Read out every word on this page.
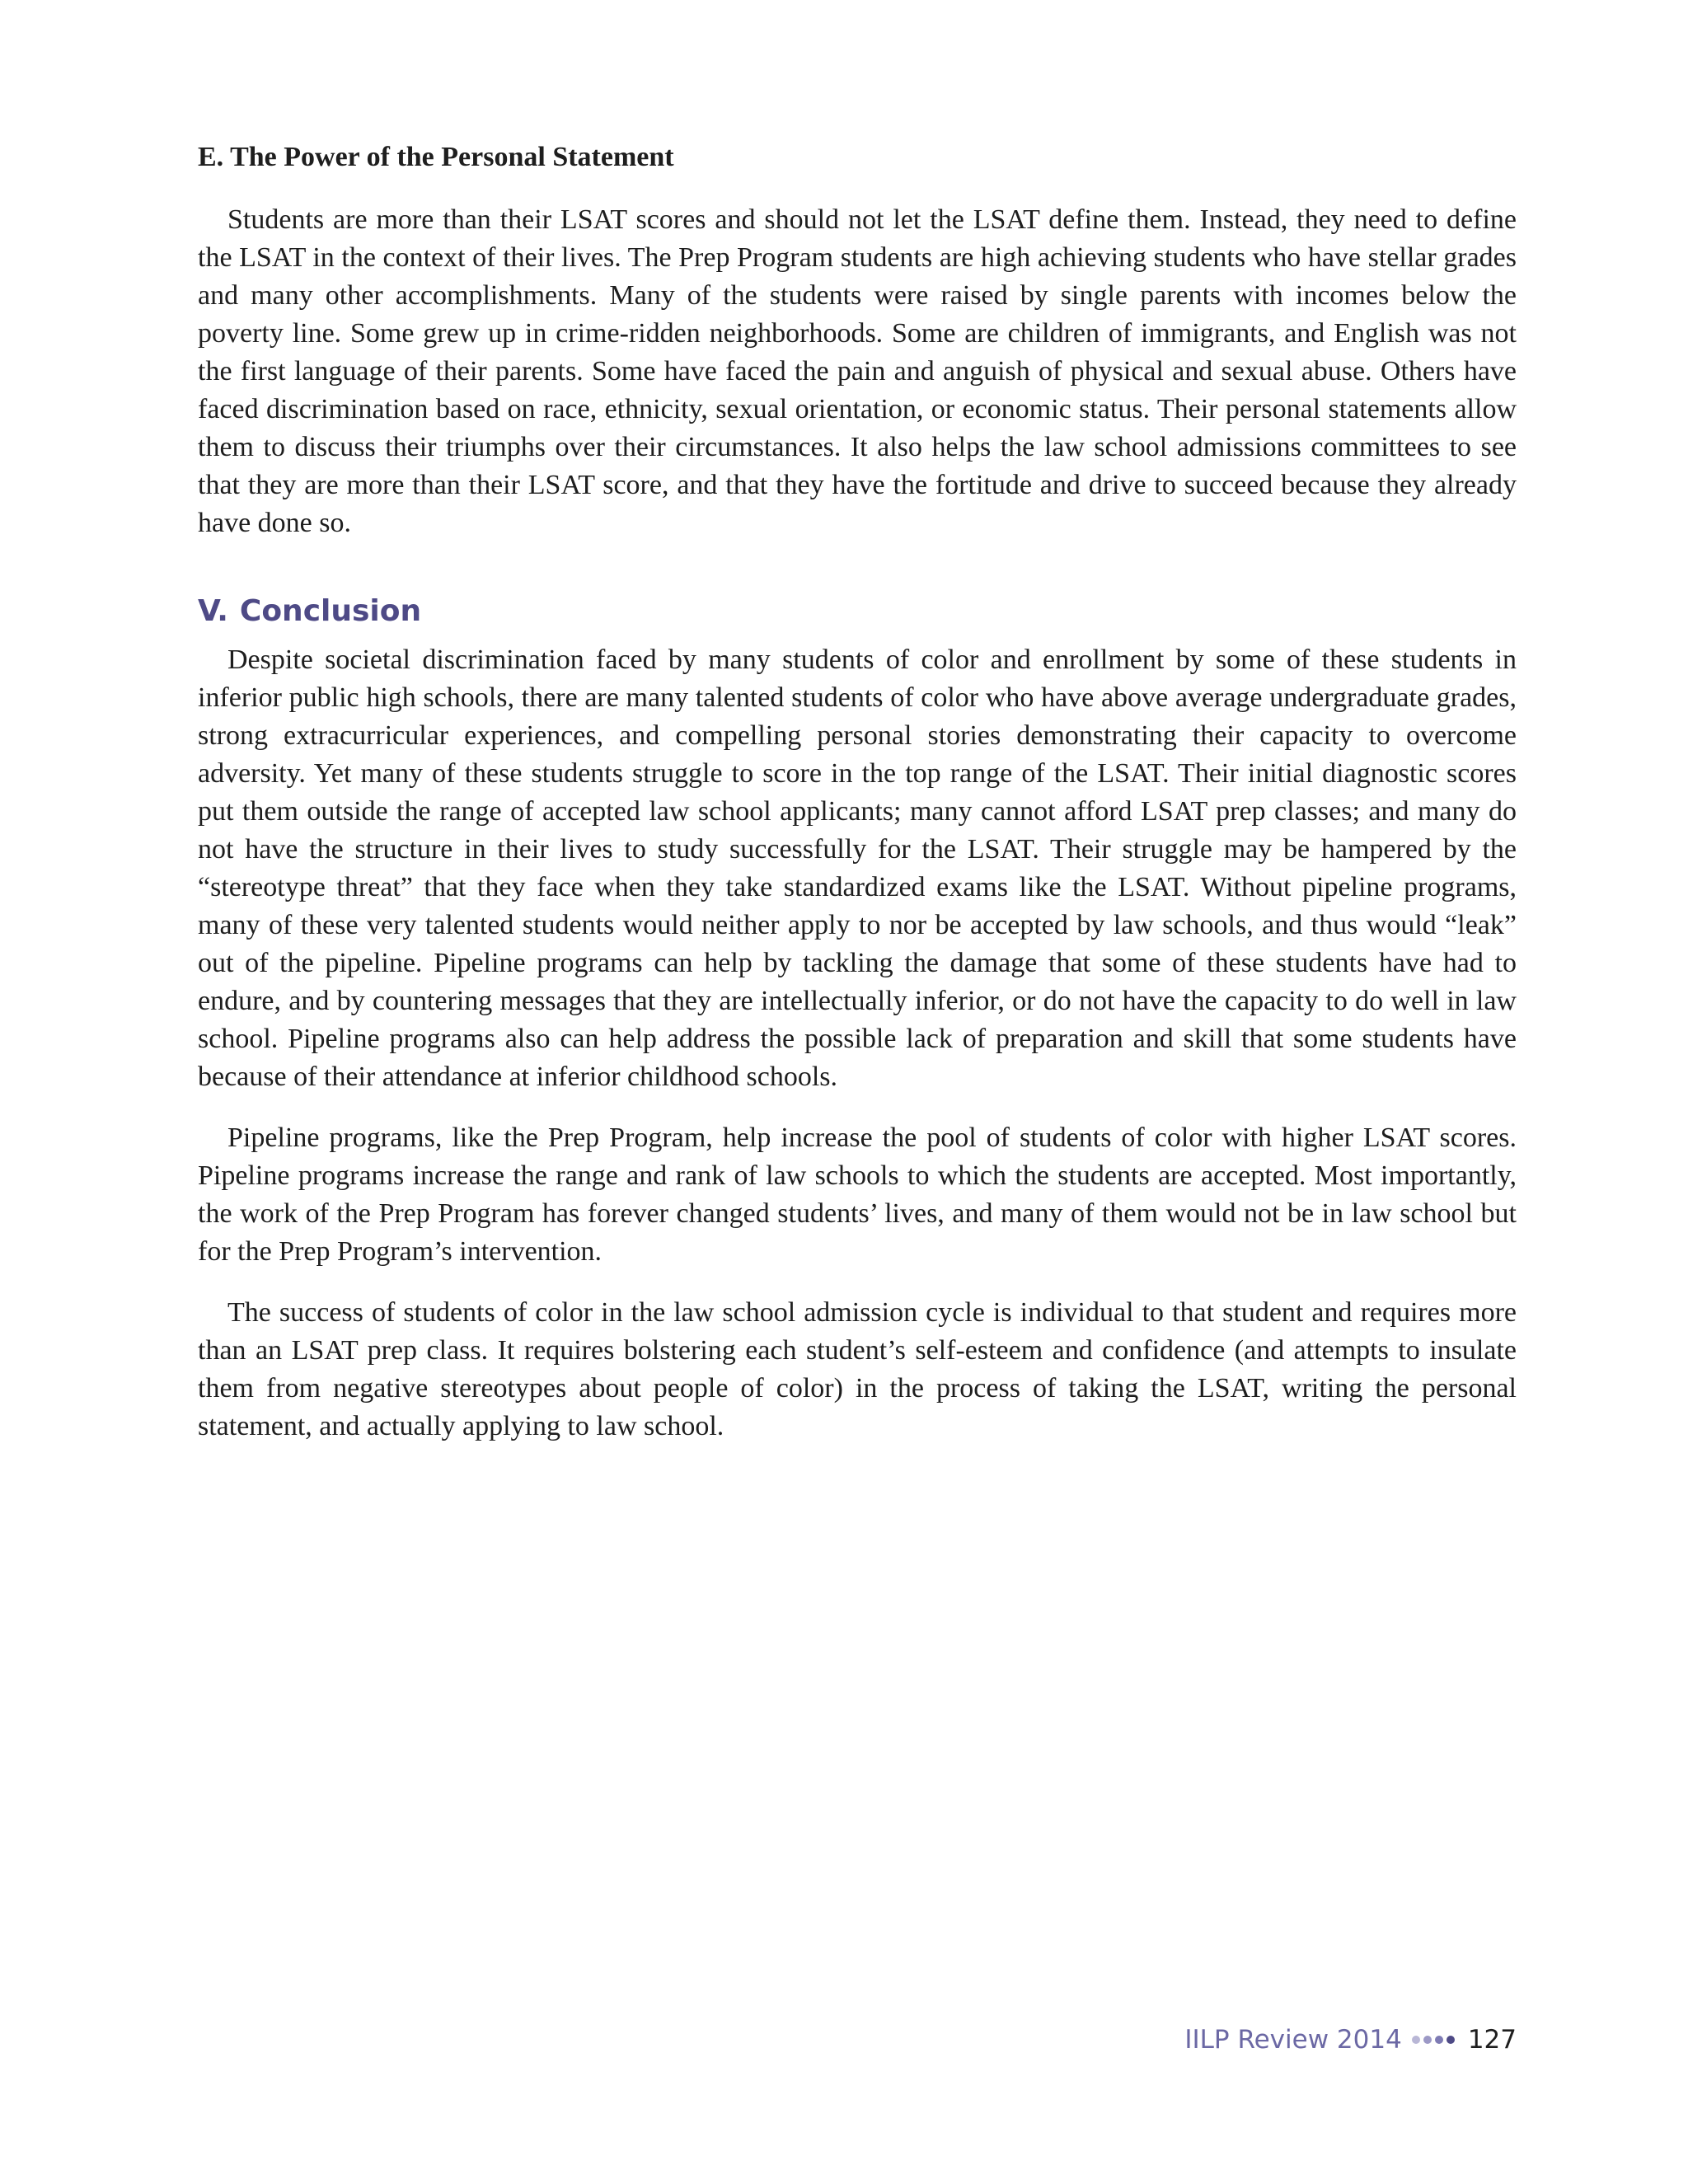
E. The Power of the Personal Statement

Students are more than their LSAT scores and should not let the LSAT define them. Instead, they need to define the LSAT in the context of their lives. The Prep Program students are high achieving students who have stellar grades and many other accomplishments. Many of the students were raised by single parents with incomes below the poverty line. Some grew up in crime-ridden neighborhoods. Some are children of immigrants, and English was not the first language of their parents. Some have faced the pain and anguish of physical and sexual abuse. Others have faced discrimination based on race, ethnicity, sexual orientation, or economic status. Their personal statements allow them to discuss their triumphs over their circumstances. It also helps the law school admissions committees to see that they are more than their LSAT score, and that they have the fortitude and drive to succeed because they already have done so.

V. Conclusion

Despite societal discrimination faced by many students of color and enrollment by some of these students in inferior public high schools, there are many talented students of color who have above average undergraduate grades, strong extracurricular experiences, and compelling personal stories demonstrating their capacity to overcome adversity. Yet many of these students struggle to score in the top range of the LSAT. Their initial diagnostic scores put them outside the range of accepted law school applicants; many cannot afford LSAT prep classes; and many do not have the structure in their lives to study successfully for the LSAT. Their struggle may be hampered by the “stereotype threat” that they face when they take standardized exams like the LSAT. Without pipeline programs, many of these very talented students would neither apply to nor be accepted by law schools, and thus would “leak” out of the pipeline. Pipeline programs can help by tackling the damage that some of these students have had to endure, and by countering messages that they are intellectually inferior, or do not have the capacity to do well in law school. Pipeline programs also can help address the possible lack of preparation and skill that some students have because of their attendance at inferior childhood schools.

Pipeline programs, like the Prep Program, help increase the pool of students of color with higher LSAT scores. Pipeline programs increase the range and rank of law schools to which the students are accepted. Most importantly, the work of the Prep Program has forever changed students’ lives, and many of them would not be in law school but for the Prep Program’s intervention.

The success of students of color in the law school admission cycle is individual to that student and requires more than an LSAT prep class. It requires bolstering each student’s self-esteem and confidence (and attempts to insulate them from negative stereotypes about people of color) in the process of taking the LSAT, writing the personal statement, and actually applying to law school.

IILP Review 2014	127
